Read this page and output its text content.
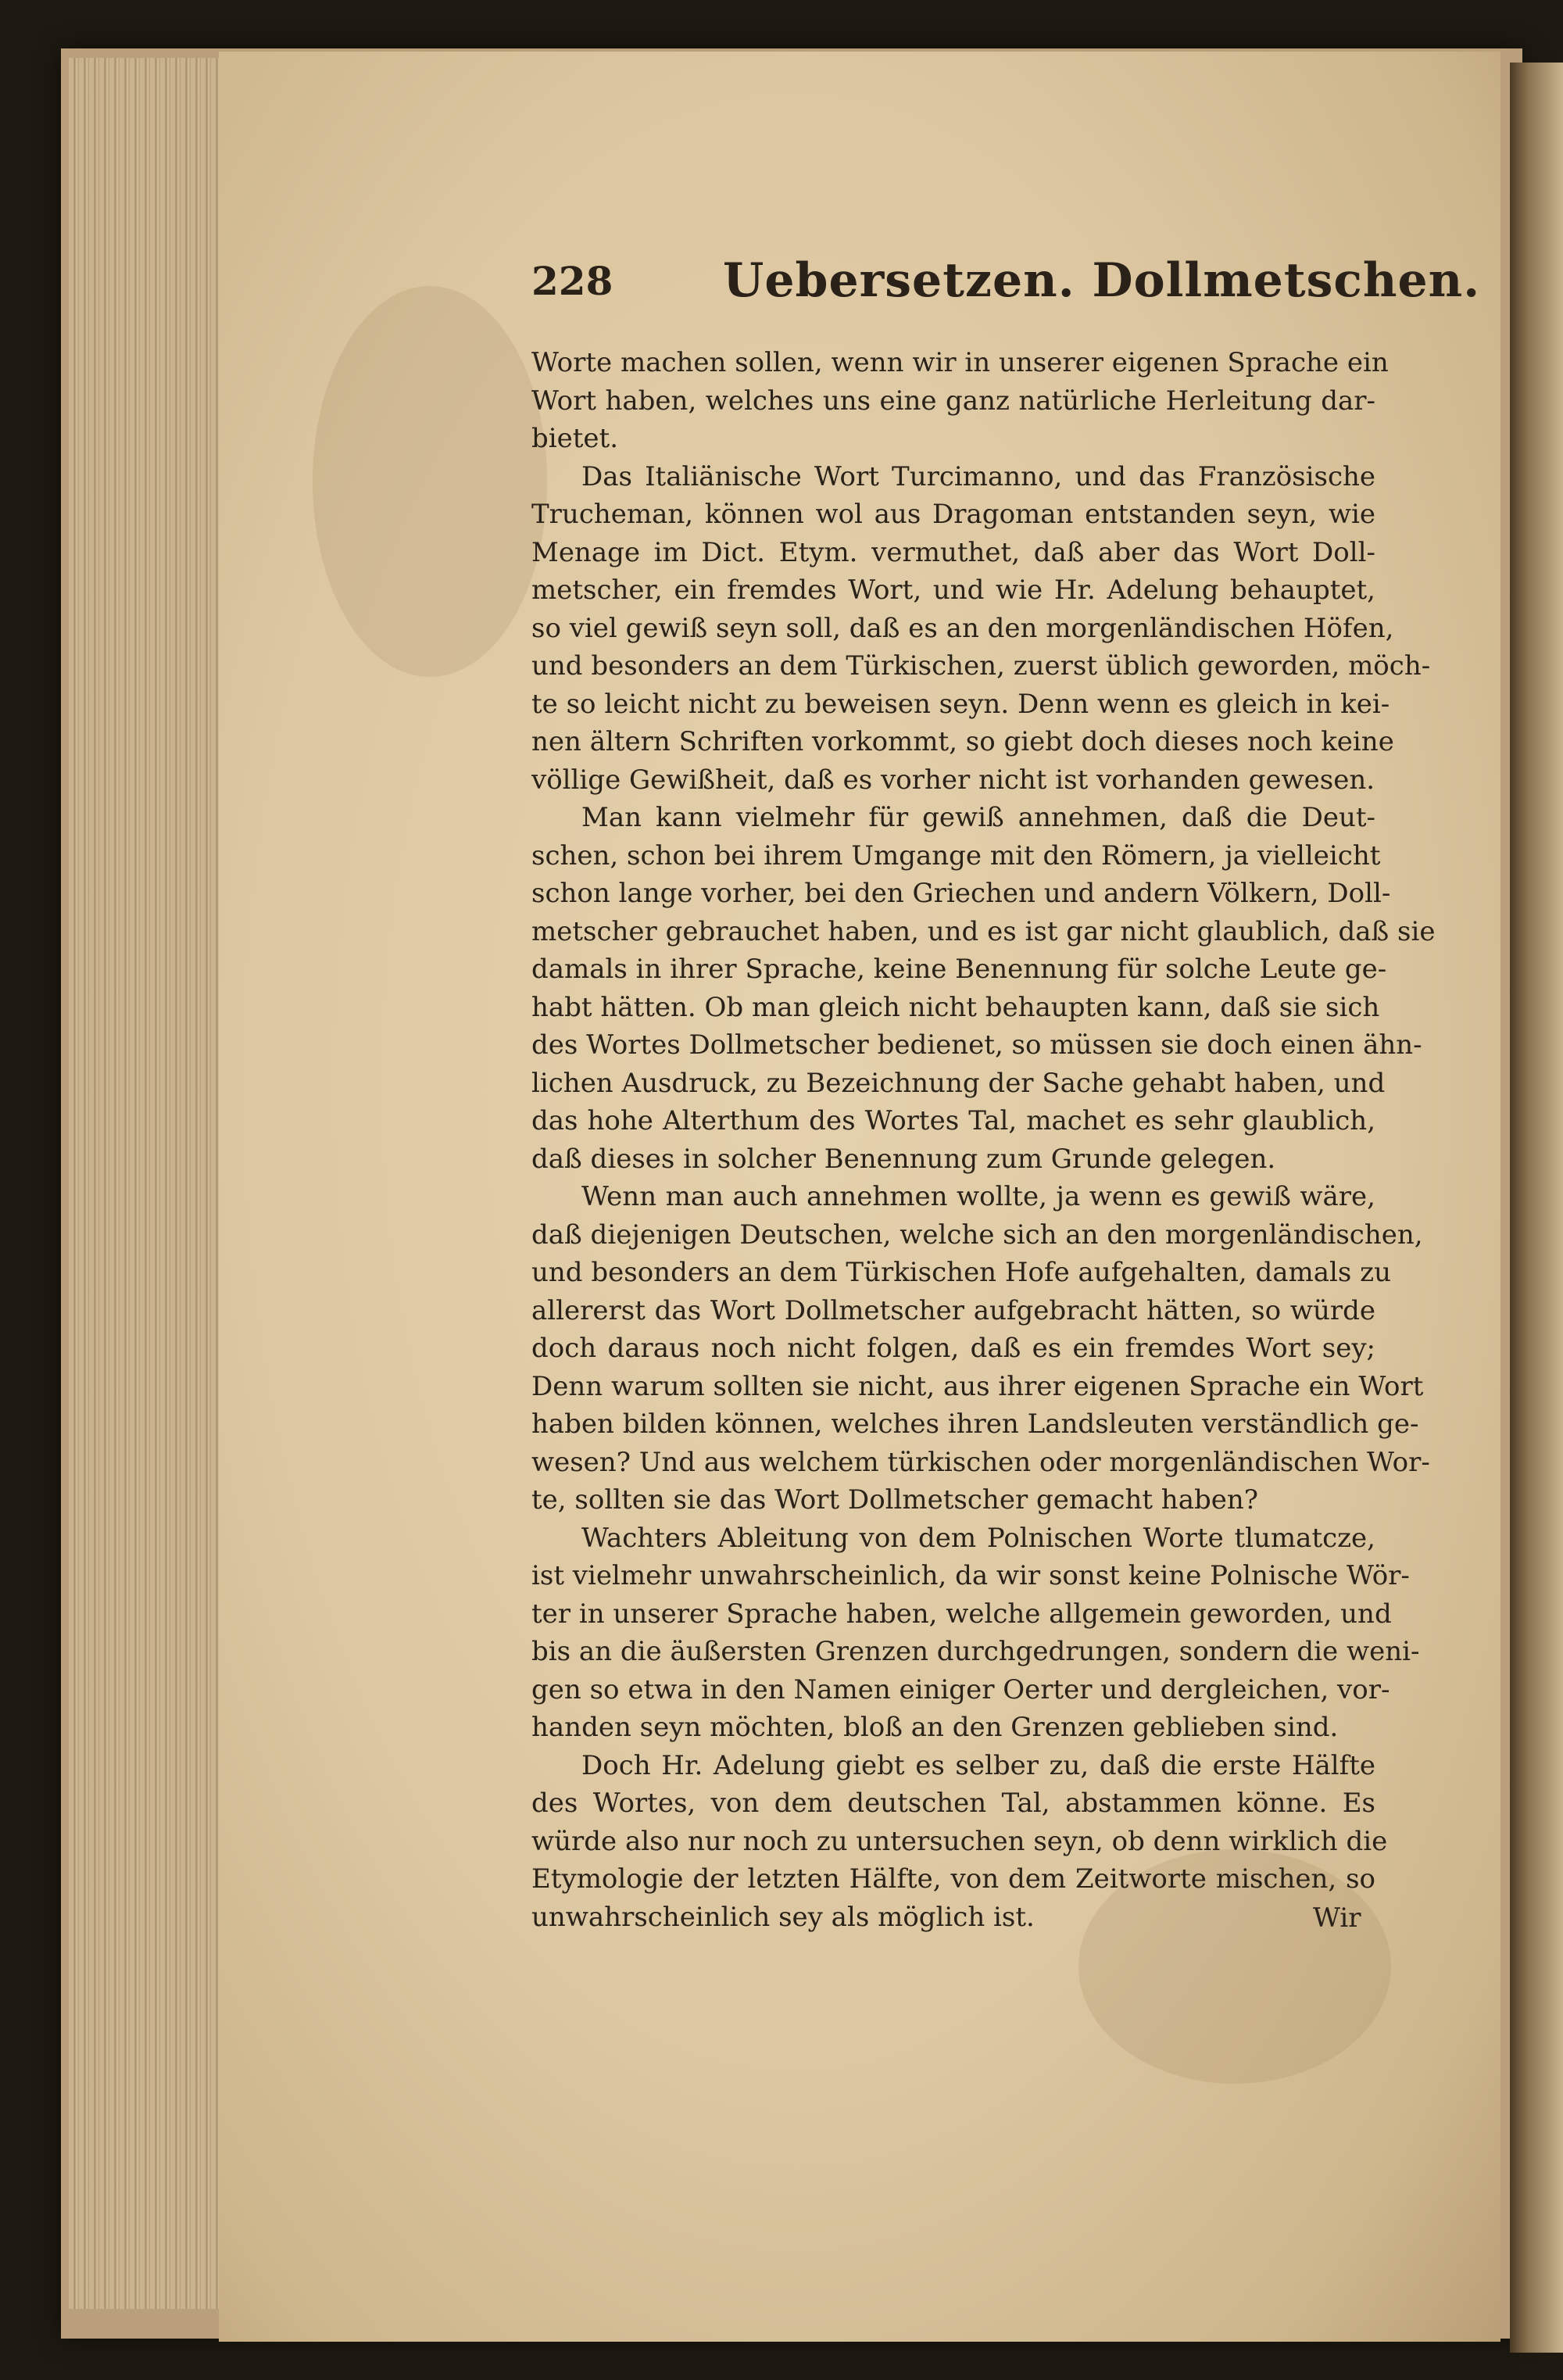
228 Uebersetzen. Dollmetschen.
Worte machen sollen, wenn wir in unserer eigenen Sprache ein
Wort haben, welches uns eine ganz natürliche Herleitung dar-
bietet.
Das Italiänische Wort Turcimanno, und das Französische
Trucheman, können wol aus Dragoman entstanden seyn, wie
Menage im Dict. Etym. vermuthet, daß aber das Wort Doll-
metscher, ein fremdes Wort, und wie Hr. Adelung behauptet,
so viel gewiß seyn soll, daß es an den morgenländischen Höfen,
und besonders an dem Türkischen, zuerst üblich geworden, möch-
te so leicht nicht zu beweisen seyn. Denn wenn es gleich in kei-
nen ältern Schriften vorkommt, so giebt doch dieses noch keine
völlige Gewißheit, daß es vorher nicht ist vorhanden gewesen.
Man kann vielmehr für gewiß annehmen, daß die Deut-
schen, schon bei ihrem Umgange mit den Römern, ja vielleicht
schon lange vorher, bei den Griechen und andern Völkern, Doll-
metscher gebrauchet haben, und es ist gar nicht glaublich, daß sie
damals in ihrer Sprache, keine Benennung für solche Leute ge-
habt hätten. Ob man gleich nicht behaupten kann, daß sie sich
des Wortes Dollmetscher bedienet, so müssen sie doch einen ähn-
lichen Ausdruck, zu Bezeichnung der Sache gehabt haben, und
das hohe Alterthum des Wortes Tal, machet es sehr glaublich,
daß dieses in solcher Benennung zum Grunde gelegen.
Wenn man auch annehmen wollte, ja wenn es gewiß wäre,
daß diejenigen Deutschen, welche sich an den morgenländischen,
und besonders an dem Türkischen Hofe aufgehalten, damals zu
allererst das Wort Dollmetscher aufgebracht hätten, so würde
doch daraus noch nicht folgen, daß es ein fremdes Wort sey;
Denn warum sollten sie nicht, aus ihrer eigenen Sprache ein Wort
haben bilden können, welches ihren Landsleuten verständlich ge-
wesen? Und aus welchem türkischen oder morgenländischen Wor-
te, sollten sie das Wort Dollmetscher gemacht haben?
Wachters Ableitung von dem Polnischen Worte tlumatcze,
ist vielmehr unwahrscheinlich, da wir sonst keine Polnische Wör-
ter in unserer Sprache haben, welche allgemein geworden, und
bis an die äußersten Grenzen durchgedrungen, sondern die weni-
gen so etwa in den Namen einiger Oerter und dergleichen, vor-
handen seyn möchten, bloß an den Grenzen geblieben sind.
Doch Hr. Adelung giebt es selber zu, daß die erste Hälfte
des Wortes, von dem deutschen Tal, abstammen könne. Es
würde also nur noch zu untersuchen seyn, ob denn wirklich die
Etymologie der letzten Hälfte, von dem Zeitworte mischen, so
unwahrscheinlich sey als möglich ist.	Wir
